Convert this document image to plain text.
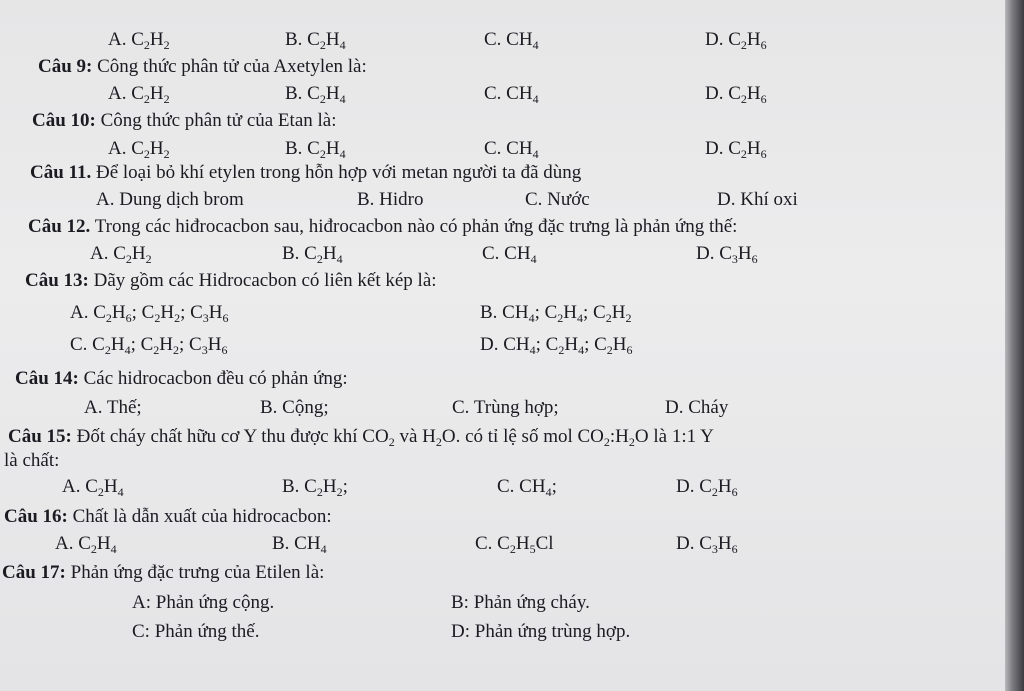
A. $C_2H_2$	B. $C_2H_4$	C. $CH_4$	D. $C_2H_6$
Câu 9: Công thức phân tử của Axetylen là:
A. $C_2H_2$	B. $C_2H_4$	C. $CH_4$	D. $C_2H_6$
Câu 10: Công thức phân tử của Etan là:
A. $C_2H_2$	B. $C_2H_4$	C. $CH_4$	D. $C_2H_6$
Câu 11. Để loại bỏ khí etylen trong hỗn hợp với metan người ta đã dùng
A. Dung dịch brom	B. Hidro	C. Nước	D. Khí oxi
Câu 12. Trong các hiđrocacbon sau, hiđrocacbon nào có phản ứng đặc trưng là phản ứng thế:
A. $C_2H_2$	B. $C_2H_4$	C. $CH_4$	D. $C_3H_6$
Câu 13: Dãy gồm các Hidrocacbon có liên kết kép là:
A. $C_2H_6$; $C_2H_2$; $C_3H_6$	B. $CH_4$; $C_2H_4$; $C_2H_2$
C. $C_2H_4$; $C_2H_2$; $C_3H_6$	D. $CH_4$; $C_2H_4$; $C_2H_6$
Câu 14: Các hidrocacbon đều có phản ứng:
A. Thế;	B. Cộng;	C. Trùng hợp;	D. Cháy
Câu 15: Đốt cháy chất hữu cơ Y thu được khí $CO_2$ và $H_2O$. có tỉ lệ số mol $CO_2:H_2O$ là 1:1 Y
là chất:
A. $C_2H_4$	B. $C_2H_2$;	C. $CH_4$;	D. $C_2H_6$
Câu 16: Chất là dẫn xuất của hidrocacbon:
A. $C_2H_4$	B. $CH_4$	C. $C_2H_5Cl$	D. $C_3H_6$
Câu 17: Phản ứng đặc trưng của Etilen là:
A: Phản ứng cộng.	B: Phản ứng cháy.
C: Phản ứng thế.	D: Phản ứng trùng hợp.
